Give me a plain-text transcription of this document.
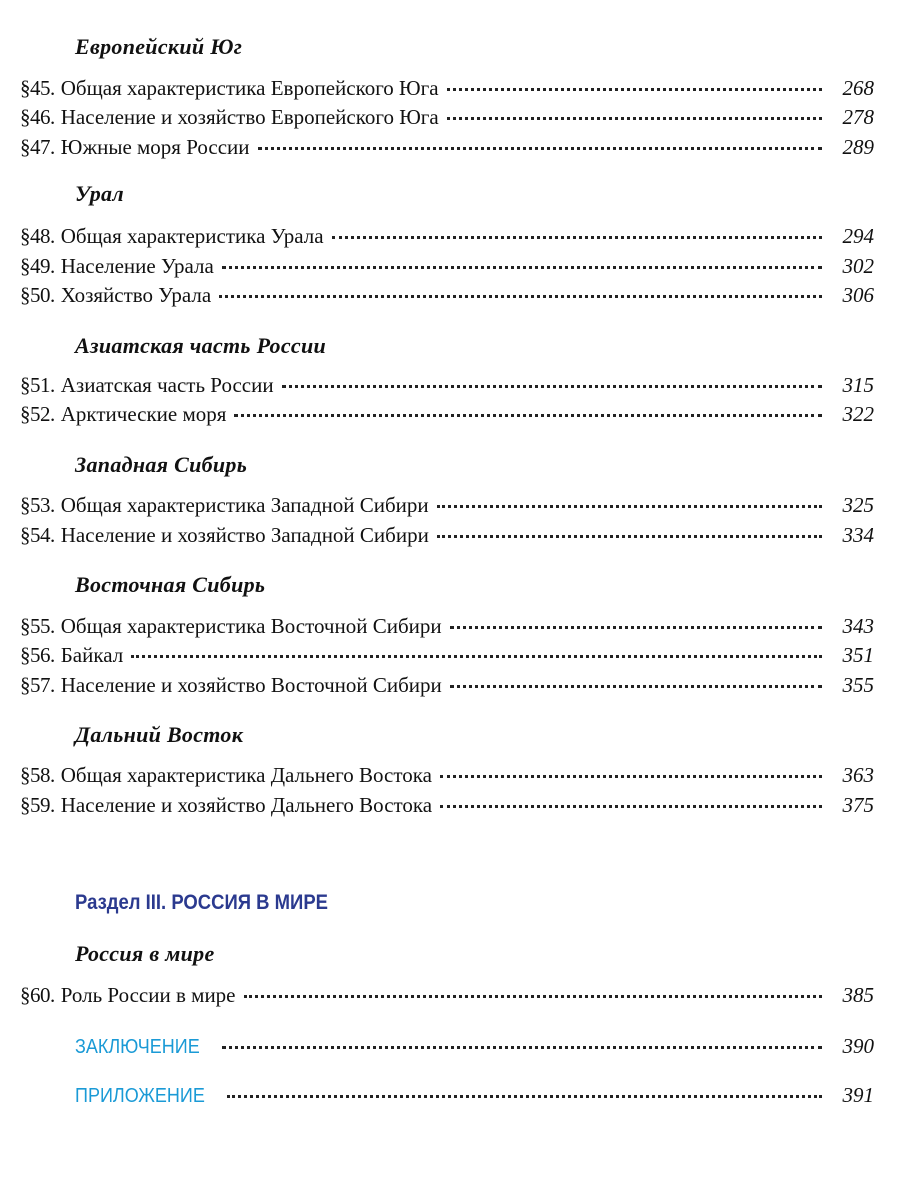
Европейский Юг
§45. Общая характеристика Европейского Юга	268
§46. Население и хозяйство Европейского Юга	278
§47. Южные моря России	289
Урал
§48. Общая характеристика Урала	294
§49. Население Урала	302
§50. Хозяйство Урала	306
Азиатская часть России
§51. Азиатская часть России	315
§52. Арктические моря	322
Западная Сибирь
§53. Общая характеристика Западной Сибири	325
§54. Население и хозяйство Западной Сибири	334
Восточная Сибирь
§55. Общая характеристика Восточной Сибири	343
§56. Байкал	351
§57. Население и хозяйство Восточной Сибири	355
Дальний Восток
§58. Общая характеристика Дальнего Востока	363
§59. Население и хозяйство Дальнего Востока	375
Раздел III. РОССИЯ В МИРЕ
Россия в мире
§60. Роль России в мире	385
ЗАКЛЮЧЕНИЕ	390
ПРИЛОЖЕНИЕ	391
